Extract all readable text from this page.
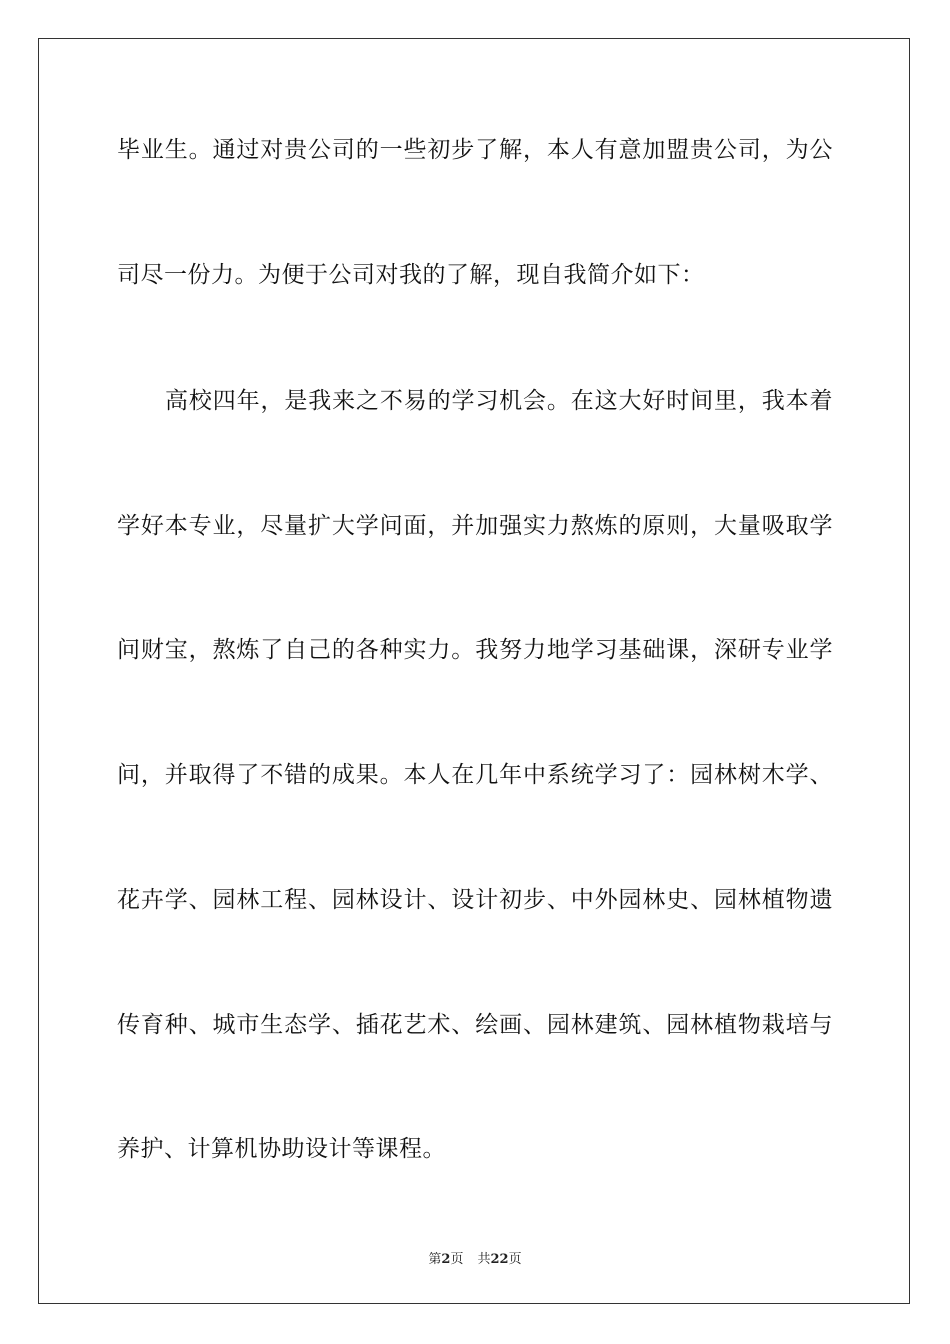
毕业生。通过对贵公司的一些初步了解，本人有意加盟贵公司，为公
司尽一份力。为便于公司对我的了解，现自我简介如下：
高校四年，是我来之不易的学习机会。在这大好时间里，我本着
学好本专业，尽量扩大学问面，并加强实力熬炼的原则，大量吸取学
问财宝，熬炼了自己的各种实力。我努力地学习基础课，深研专业学
问，并取得了不错的成果。本人在几年中系统学习了：园林树木学、
花卉学、园林工程、园林设计、设计初步、中外园林史、园林植物遗
传育种、城市生态学、插花艺术、绘画、园林建筑、园林植物栽培与
养护、计算机协助设计等课程。
第2页 共22页
